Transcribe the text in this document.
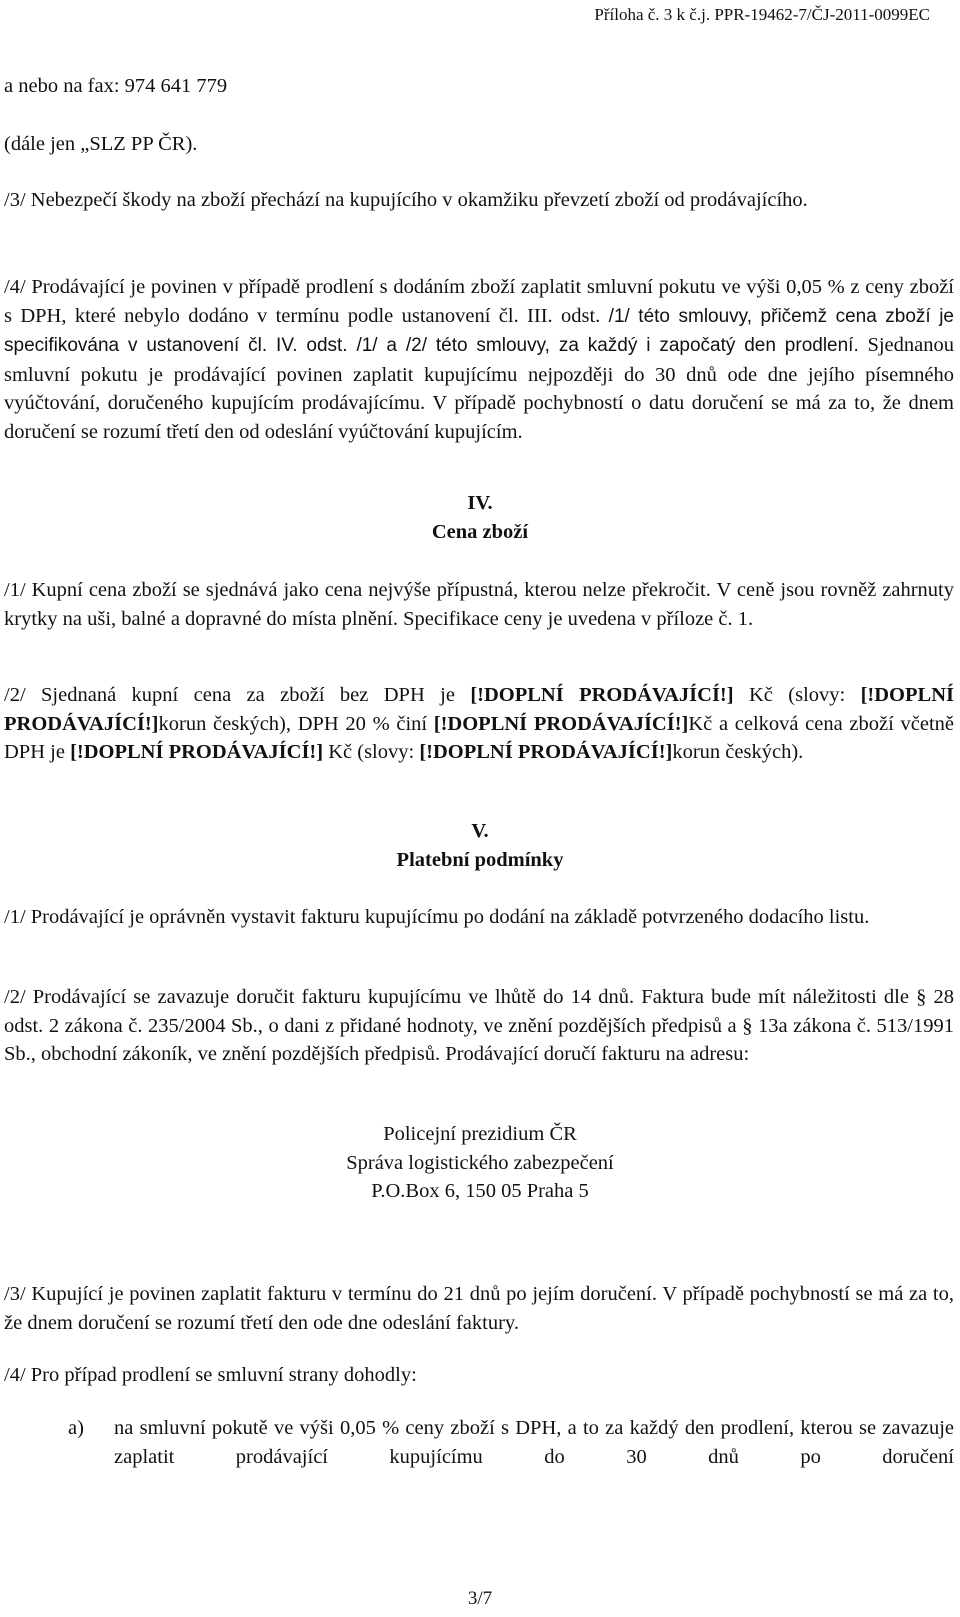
Příloha č. 3 k č.j. PPR-19462-7/ČJ-2011-0099EC

a nebo na fax: 974 641 779

(dále jen „SLZ PP ČR).

/3/ Nebezpečí škody na zboží přechází na kupujícího v okamžiku převzetí zboží od prodávajícího.

/4/ Prodávající je povinen v případě prodlení s dodáním zboží zaplatit smluvní pokutu ve výši 0,05 % z ceny zboží s DPH, které nebylo dodáno v termínu podle ustanovení čl. III. odst. /1/ této smlouvy, přičemž cena zboží je specifikována v ustanovení čl. IV. odst. /1/ a /2/ této smlouvy, za každý i započatý den prodlení. Sjednanou smluvní pokutu je prodávající povinen zaplatit kupujícímu nejpozději do 30 dnů ode dne jejího písemného vyúčtování, doručeného kupujícím prodávajícímu. V případě pochybností o datu doručení se má za to, že dnem doručení se rozumí třetí den od odeslání vyúčtování kupujícím.

IV.
Cena zboží

/1/ Kupní cena zboží se sjednává jako cena nejvýše přípustná, kterou nelze překročit. V ceně jsou rovněž zahrnuty krytky na uši, balné a dopravné do místa plnění. Specifikace ceny je uvedena v příloze č. 1.

/2/ Sjednaná kupní cena za zboží bez DPH je [!DOPLNÍ PRODÁVAJÍCÍ!] Kč (slovy: [!DOPLNÍ PRODÁVAJÍCÍ!]korun českých), DPH 20 % činí [!DOPLNÍ PRODÁVAJÍCÍ!]Kč a celková cena zboží včetně DPH je [!DOPLNÍ PRODÁVAJÍCÍ!] Kč (slovy: [!DOPLNÍ PRODÁVAJÍCÍ!]korun českých).

V.
Platební podmínky

/1/ Prodávající je oprávněn vystavit fakturu kupujícímu po dodání na základě potvrzeného dodacího listu.

/2/ Prodávající se zavazuje doručit fakturu kupujícímu ve lhůtě do 14 dnů. Faktura bude mít náležitosti dle § 28 odst. 2 zákona č. 235/2004 Sb., o dani z přidané hodnoty, ve znění pozdějších předpisů a § 13a zákona č. 513/1991 Sb., obchodní zákoník, ve znění pozdějších předpisů. Prodávající doručí fakturu na adresu:

Policejní prezidium ČR
Správa logistického zabezpečení
P.O.Box 6, 150 05 Praha 5

/3/ Kupující je povinen zaplatit fakturu v termínu do 21 dnů po jejím doručení. V případě pochybností se má za to, že dnem doručení se rozumí třetí den ode dne odeslání faktury.

/4/ Pro případ prodlení se smluvní strany dohodly:

a) na smluvní pokutě ve výši 0,05 % ceny zboží s DPH, a to za každý den prodlení, kterou se zavazuje zaplatit prodávající kupujícímu do 30 dnů po doručení

3/7
